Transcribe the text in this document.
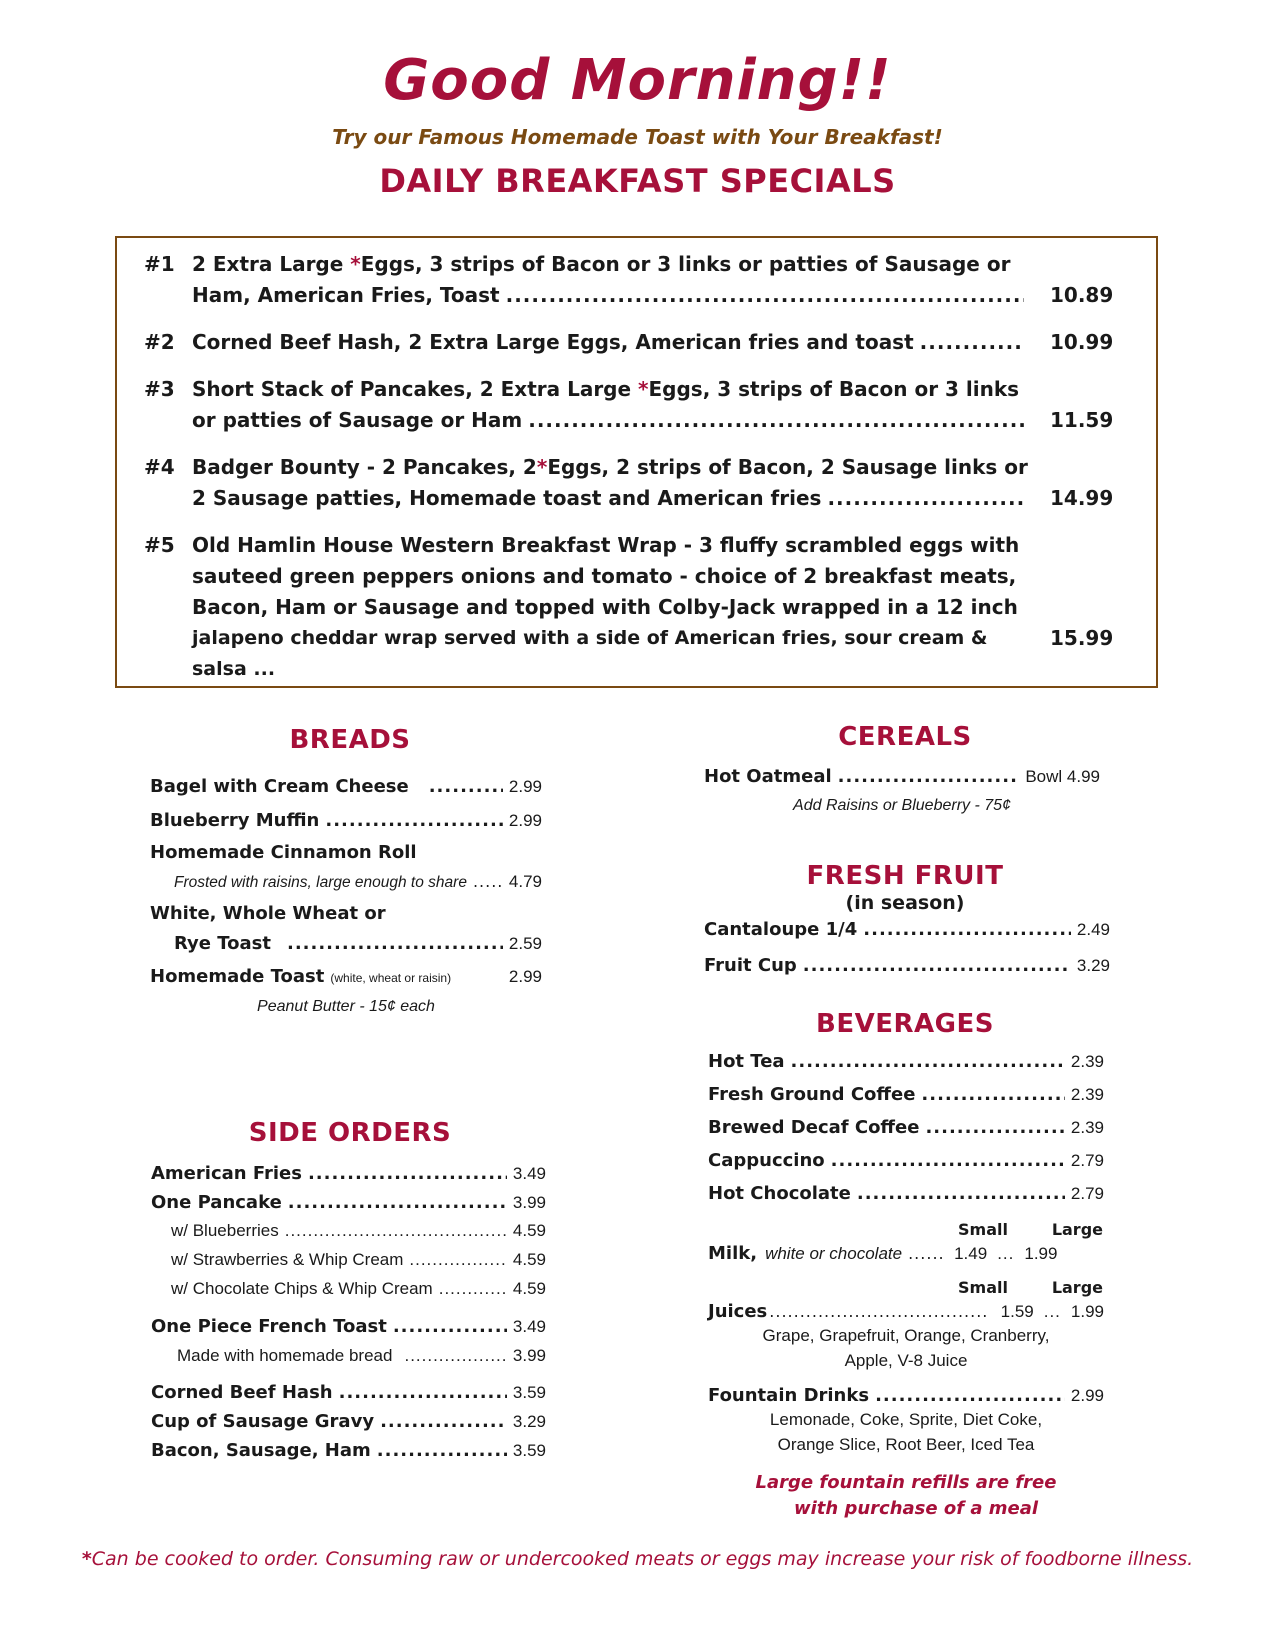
Good Morning!!
Try our Famous Homemade Toast with Your Breakfast!
DAILY BREAKFAST SPECIALS
#1 2 Extra Large *Eggs, 3 strips of Bacon or 3 links or patties of Sausage or
Ham, American Fries, Toast .....	10.89
#2 Corned Beef Hash, 2 Extra Large Eggs, American fries and toast .....	10.99
#3 Short Stack of Pancakes, 2 Extra Large *Eggs, 3 strips of Bacon or 3 links
or patties of Sausage or Ham .....	11.59
#4 Badger Bounty - 2 Pancakes, 2*Eggs, 2 strips of Bacon, 2 Sausage links or
2 Sausage patties, Homemade toast and American fries .....	14.99
#5 Old Hamlin House Western Breakfast Wrap - 3 fluffy scrambled eggs with
sauteed green peppers onions and tomato - choice of 2 breakfast meats,
Bacon, Ham or Sausage and topped with Colby-Jack wrapped in a 12 inch
jalapeno cheddar wrap served with a side of American fries, sour cream & salsa ...
15.99
BREADS
Bagel with Cream Cheese .....	2.99
Blueberry Muffin .....	2.99
Homemade Cinnamon Roll
Frosted with raisins, large enough to share ..... 4.79
White, Whole Wheat or
Rye Toast .....	2.59
Homemade Toast (white, wheat or raisin)	2.99
Peanut Butter - 15¢ each
SIDE ORDERS
American Fries .....	3.49
One Pancake .....	3.99
w/ Blueberries .....	4.59
w/ Strawberries & Whip Cream .....	4.59
w/ Chocolate Chips & Whip Cream .....	4.59
One Piece French Toast .....	3.49
Made with homemade bread .....	3.99
Corned Beef Hash .....	3.59
Cup of Sausage Gravy .....	3.29
Bacon, Sausage, Ham .....	3.59
CEREALS
Hot Oatmeal .....	Bowl 4.99
Add Raisins or Blueberry - 75¢
FRESH FRUIT
(in season)
Cantaloupe 1/4 .....	2.49
Fruit Cup .....	3.29
BEVERAGES
Hot Tea .....	2.39
Fresh Ground Coffee .....	2.39
Brewed Decaf Coffee .....	2.39
Cappuccino .....	2.79
Hot Chocolate .....	2.79
Small	Large
Milk, white or chocolate .....	1.49 ... 1.99
Small	Large
Juices .....	1.59 ... 1.99
Grape, Grapefruit, Orange, Cranberry,
Apple, V-8 Juice
Fountain Drinks .....	2.99
Lemonade, Coke, Sprite, Diet Coke,
Orange Slice, Root Beer, Iced Tea
Large fountain refills are free
with purchase of a meal
*Can be cooked to order. Consuming raw or undercooked meats or eggs may increase your risk of foodborne illness.
